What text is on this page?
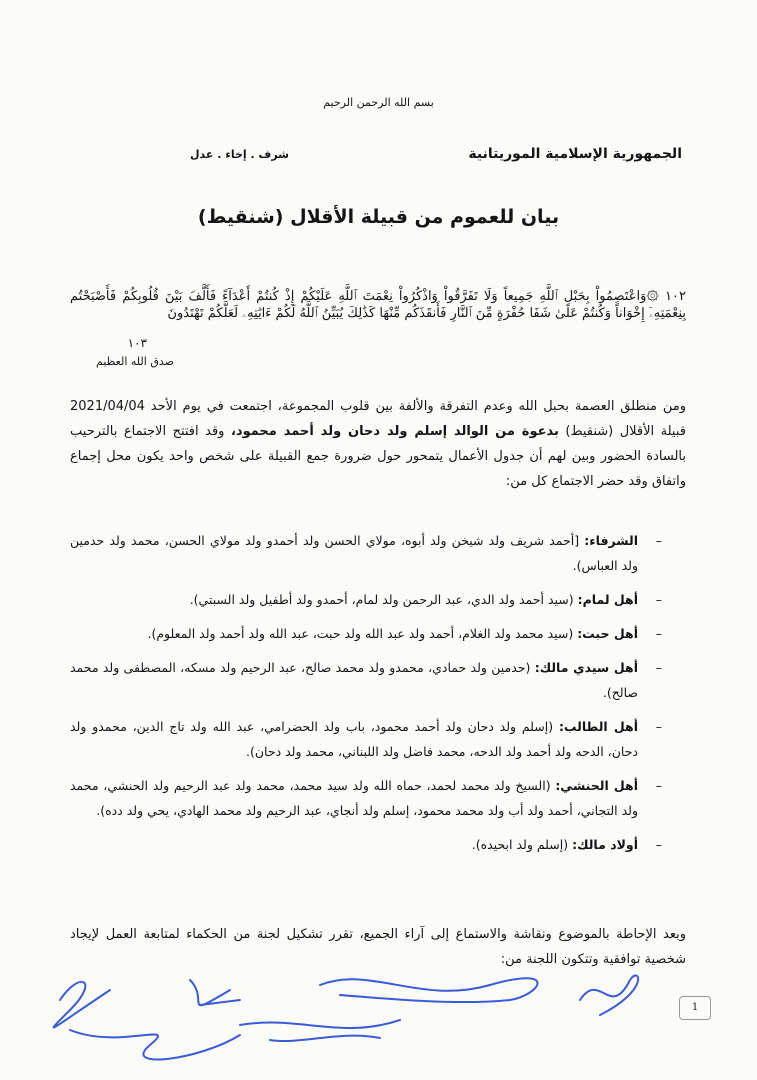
بسم الله الرحمن الرحيم
الجمهورية الإسلامية الموريتانية
شرف . إخاء . عدل
بيان للعموم من قبيلة الأقلال (شنقيط)
۱۰۲ ۞وَاعْتَصِمُواْ بِحَبْلِ ٱللَّهِ جَمِيعاً وَلَا تَفَرَّقُواْ وَاذْكُرُواْ نِعْمَتَ ٱللَّهِ عَلَيْكُمْ إِذْ كُنتُمْ أَعْدَآءً فَأَلَّفَ بَيْنَ قُلُوبِكُمْ فَأَصْبَحْتُم بِنِعْمَتِهِۦٓ إِخْوَاناً وَكُنتُمْ عَلَىٰ شَفَا حُفْرَةٍ مِّنَ ٱلنَّارِ فَأَنقَذَكُم مِّنْهَا كَذَٰلِكَ يُبَيِّنُ ٱللَّهُ لَكُمْ ءَايَٰتِهِۦ لَعَلَّكُمْ تَهْتَدُونَ
۱۰۳
صدق الله العظيم
ومن منطلق العصمة بحبل الله وعدم التفرقة والألفة بين قلوب المجموعة، اجتمعت في يوم الأحد 2021/04/04 قبيلة الأقلال (شنقيط) بدعوة من الوالد إسلم ولد دحان ولد أحمد محمود، وقد افتتح الاجتماع بالترحيب بالسادة الحضور وبين لهم أن جدول الأعمال يتمحور حول ضرورة جمع القبيلة على شخص واحد يكون محل إجماع واتفاق وقد حضر الاجتماع كل من:
– الشرفاء: [أحمد شريف ولد شيخن ولد أبوه، مولاي الحسن ولد أحمدو ولد مولاي الحسن، محمد ولد حدمين ولد العباس).
– أهل لمام: (سيد أحمد ولد الدي، عبد الرحمن ولد لمام، أحمدو ولد أطفيل ولد السبتي).
– أهل حبت: (سيد محمد ولد الغلام، أحمد ولد عبد الله ولد حبت، عبد الله ولد أحمد ولد المعلوم).
– أهل سيدي مالك: (حدمين ولد حمادي، محمدو ولد محمد صالح، عبد الرحيم ولد مسكه، المصطفى ولد محمد صالح).
– أهل الطالب: (إسلم ولد دحان ولد أحمد محمود، باب ولد الحضرامي، عبد الله ولد تاج الدين، محمدو ولد دحان، الدحه ولد أحمد ولد الدحه، محمد فاضل ولد اللبناني، محمد ولد دحان).
– أهل الحنشي: (السيخ ولد محمد لحمد، حماه الله ولد سيد محمد، محمد ولد عبد الرحيم ولد الحنشي، محمد ولد التجاني، أحمد ولد أب ولد محمد محمود، إسلم ولد أنجاي، عبد الرحيم ولد محمد الهادي، يحي ولد دده).
– أولاد مالك: (إسلم ولد ابحيده).
وبعد الإحاطة بالموضوع ونقاشة والاستماع إلى آراء الجميع، تقرر تشكيل لجنة من الحكماء لمتابعة العمل لإيجاد شخصية توافقية وتتكون اللجنة من:
1
